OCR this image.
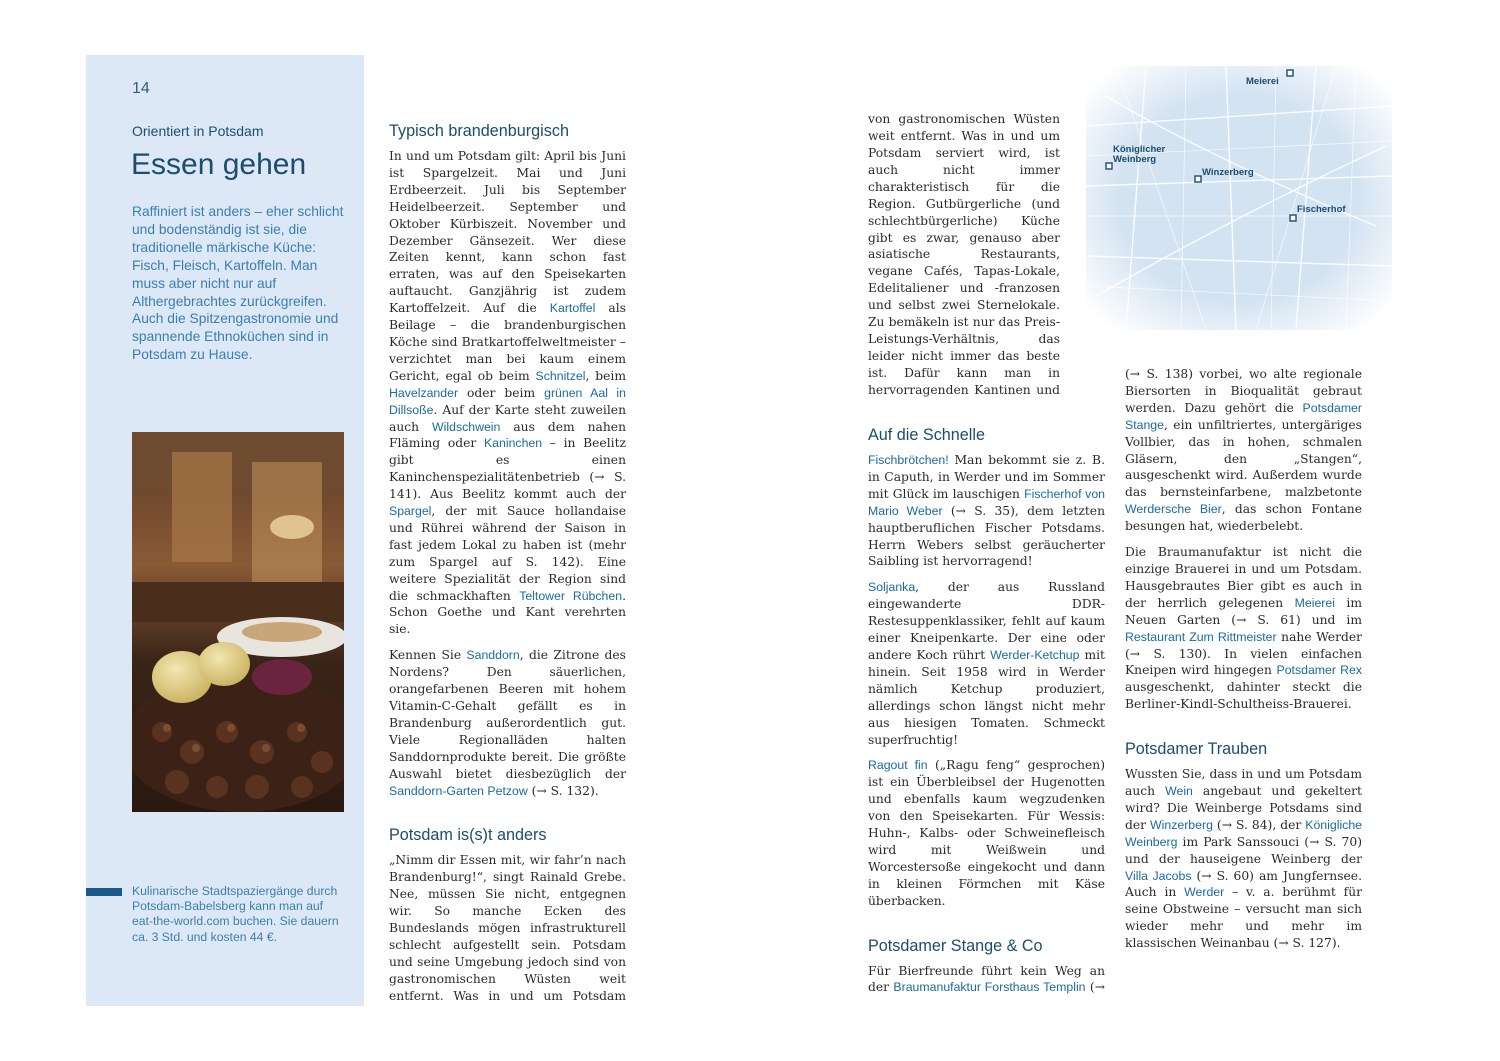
14
Orientiert in Potsdam
Essen gehen

Raffiniert ist anders – eher schlicht und bodenständig ist sie, die traditionelle märkische Küche: Fisch, Fleisch, Kartoffeln. Man muss aber nicht nur auf Althergebrachtes zurückgreifen. Auch die Spitzengastronomie und spannende Ethnoküchen sind in Potsdam zu Hause.

Kulinarische Stadtspaziergänge durch Potsdam-Babelsberg kann man auf eat-the-world.com buchen. Sie dauern ca. 3 Std. und kosten 44 €.

Typisch brandenburgisch

In und um Potsdam gilt: April bis Juni ist Spargelzeit. Mai und Juni Erdbeerzeit. Juli bis September Heidelbeerzeit. September und Oktober Kürbiszeit. November und Dezember Gänsezeit. Wer diese Zeiten kennt, kann schon fast erraten, was auf den Speisekarten auftaucht. Ganzjährig ist zudem Kartoffelzeit. Auf die Kartoffel als Beilage – die brandenburgischen Köche sind Bratkartoffelweltmeister – verzichtet man bei kaum einem Gericht, egal ob beim Schnitzel, beim Havelzander oder beim grünen Aal in Dillsoße. Auf der Karte steht zuweilen auch Wildschwein aus dem nahen Fläming oder Kaninchen – in Beelitz gibt es einen Kaninchenspezialitätenbetrieb (→ S. 141). Aus Beelitz kommt auch der Spargel, der mit Sauce hollandaise und Rührei während der Saison in fast jedem Lokal zu haben ist (mehr zum Spargel auf S. 142). Eine weitere Spezialität der Region sind die schmackhaften Teltower Rübchen. Schon Goethe und Kant verehrten sie.

Kennen Sie Sanddorn, die Zitrone des Nordens? Den säuerlichen, orangefarbenen Beeren mit hohem Vitamin-C-Gehalt gefällt es in Brandenburg außerordentlich gut. Viele Regionalläden halten Sanddornprodukte bereit. Die größte Auswahl bietet diesbezüglich der Sanddorn-Garten Petzow (→ S. 132).

Potsdam is(s)t anders

„Nimm dir Essen mit, wir fahr’n nach Brandenburg!“, singt Rainald Grebe. Nee, müssen Sie nicht, entgegnen wir. So manche Ecken des Bundeslands mögen infrastrukturell schlecht aufgestellt sein. Potsdam und seine Umgebung jedoch sind von gastronomischen Wüsten weit entfernt. Was in und um Potsdam

von gastronomischen Wüsten weit entfernt. Was in und um Potsdam serviert wird, ist auch nicht immer charakteristisch für die Region. Gutbürgerliche (und schlechtbürgerliche) Küche gibt es zwar, genauso aber asiatische Restaurants, vegane Cafés, Tapas-Lokale, Edelitaliener und -franzosen und selbst zwei Sternelokale. Zu bemäkeln ist nur das Preis-Leistungs-Verhältnis, das leider nicht immer das beste ist. Dafür kann man in hervorragenden Kantinen und

Auf die Schnelle

Fischbrötchen! Man bekommt sie z. B. in Caputh, in Werder und im Sommer mit Glück im lauschigen Fischerhof von Mario Weber (→ S. 35), dem letzten hauptberuflichen Fischer Potsdams. Herrn Webers selbst geräucherter Saibling ist hervorragend!

Soljanka, der aus Russland eingewanderte DDR-Restesuppenklassiker, fehlt auf kaum einer Kneipenkarte. Der eine oder andere Koch rührt Werder-Ketchup mit hinein. Seit 1958 wird in Werder nämlich Ketchup produziert, allerdings schon längst nicht mehr aus hiesigen Tomaten. Schmeckt superfruchtig!

Ragout fin („Ragu feng“ gesprochen) ist ein Überbleibsel der Hugenotten und ebenfalls kaum wegzudenken von den Speisekarten. Für Wessis: Huhn-, Kalbs- oder Schweinefleisch wird mit Weißwein und Worcestersoße eingekocht und dann in kleinen Förmchen mit Käse überbacken.

Potsdamer Stange & Co

Für Bierfreunde führt kein Weg an der Braumanufaktur Forsthaus Templin (→

Meierei
Königlicher
Weinberg
Winzerberg
Fischerhof

(→ S. 138) vorbei, wo alte regionale Biersorten in Bioqualität gebraut werden. Dazu gehört die Potsdamer Stange, ein unfiltriertes, untergäriges Vollbier, das in hohen, schmalen Gläsern, den „Stangen“, ausgeschenkt wird. Außerdem wurde das bernsteinfarbene, malzbetonte Werdersche Bier, das schon Fontane besungen hat, wiederbelebt.

Die Braumanufaktur ist nicht die einzige Brauerei in und um Potsdam. Hausgebrautes Bier gibt es auch in der herrlich gelegenen Meierei im Neuen Garten (→ S. 61) und im Restaurant Zum Rittmeister nahe Werder (→ S. 130). In vielen einfachen Kneipen wird hingegen Potsdamer Rex ausgeschenkt, dahinter steckt die Berliner-Kindl-Schultheiss-Brauerei.

Potsdamer Trauben

Wussten Sie, dass in und um Potsdam auch Wein angebaut und gekeltert wird? Die Weinberge Potsdams sind der Winzerberg (→ S. 84), der Königliche Weinberg im Park Sanssouci (→ S. 70) und der hauseigene Weinberg der Villa Jacobs (→ S. 60) am Jungfernsee. Auch in Werder – v. a. berühmt für seine Obstweine – versucht man sich wieder mehr und mehr im klassischen Weinanbau (→ S. 127).
